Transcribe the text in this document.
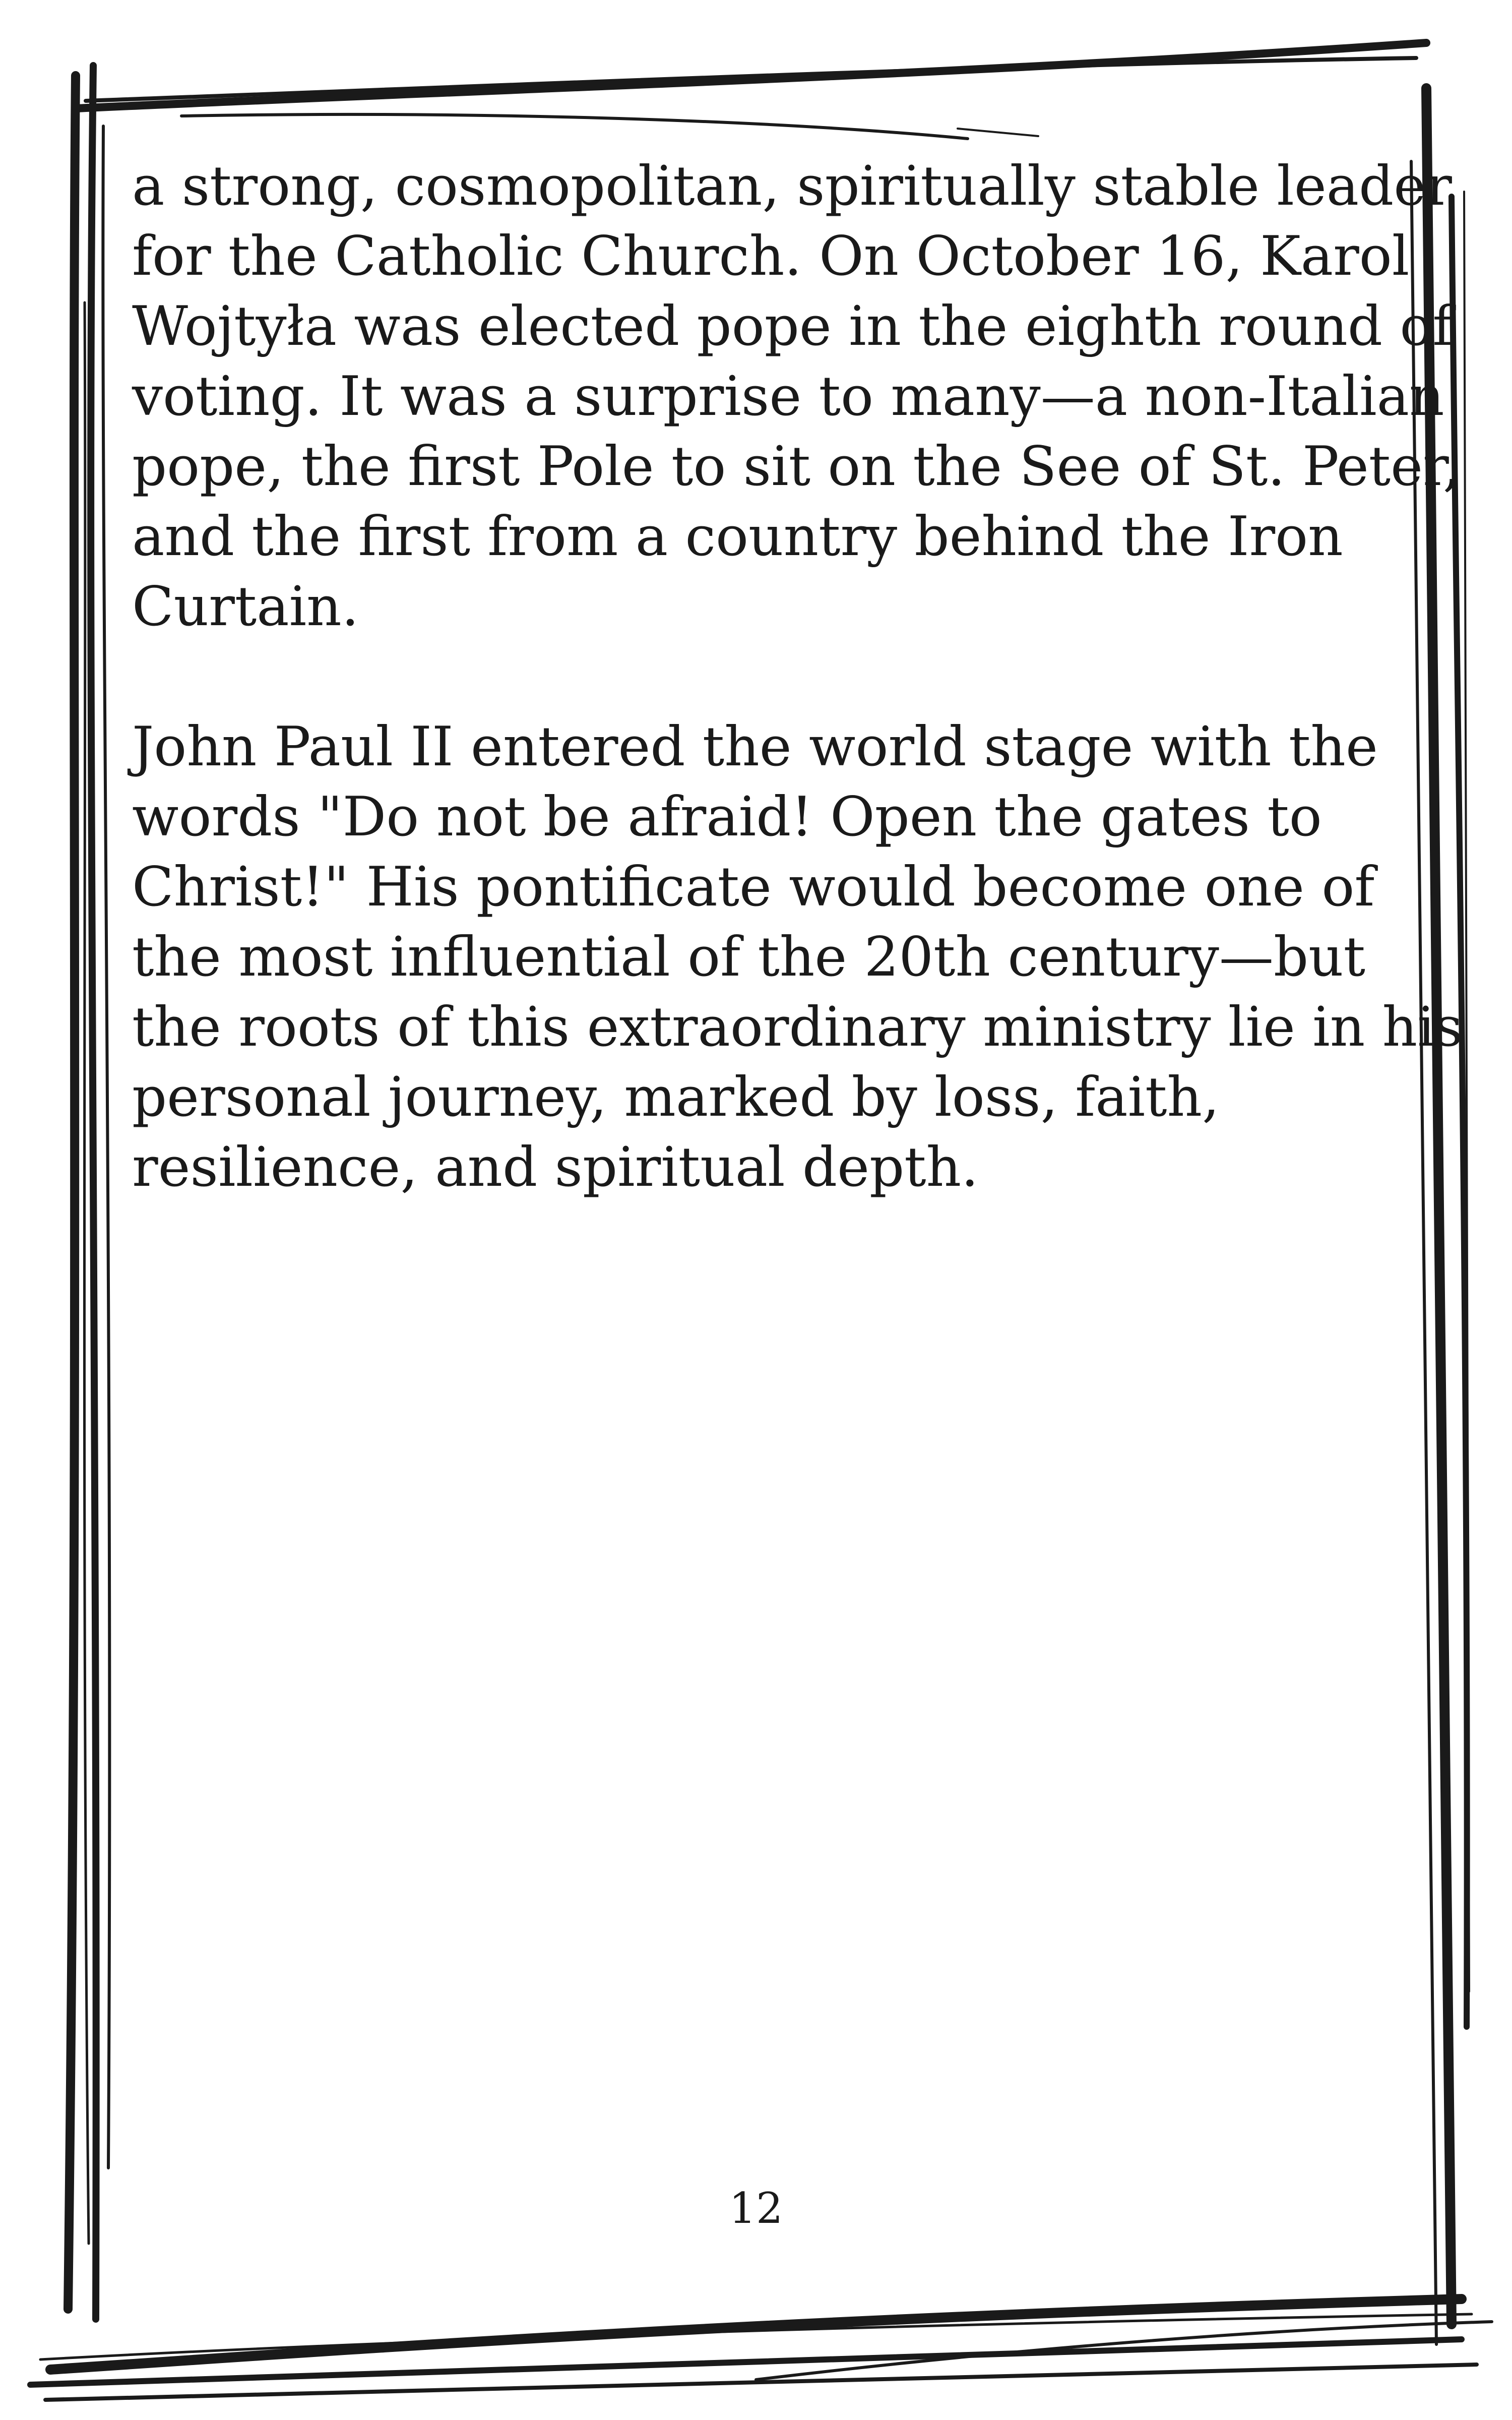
a strong, cosmopolitan, spiritually stable leader
for the Catholic Church. On October 16, Karol
Wojtyła was elected pope in the eighth round of
voting. It was a surprise to many—a non-Italian
pope, the first Pole to sit on the See of St. Peter,
and the first from a country behind the Iron
Curtain.

John Paul II entered the world stage with the
words "Do not be afraid! Open the gates to
Christ!" His pontificate would become one of
the most influential of the 20th century—but
the roots of this extraordinary ministry lie in his
personal journey, marked by loss, faith,
resilience, and spiritual depth.

12
